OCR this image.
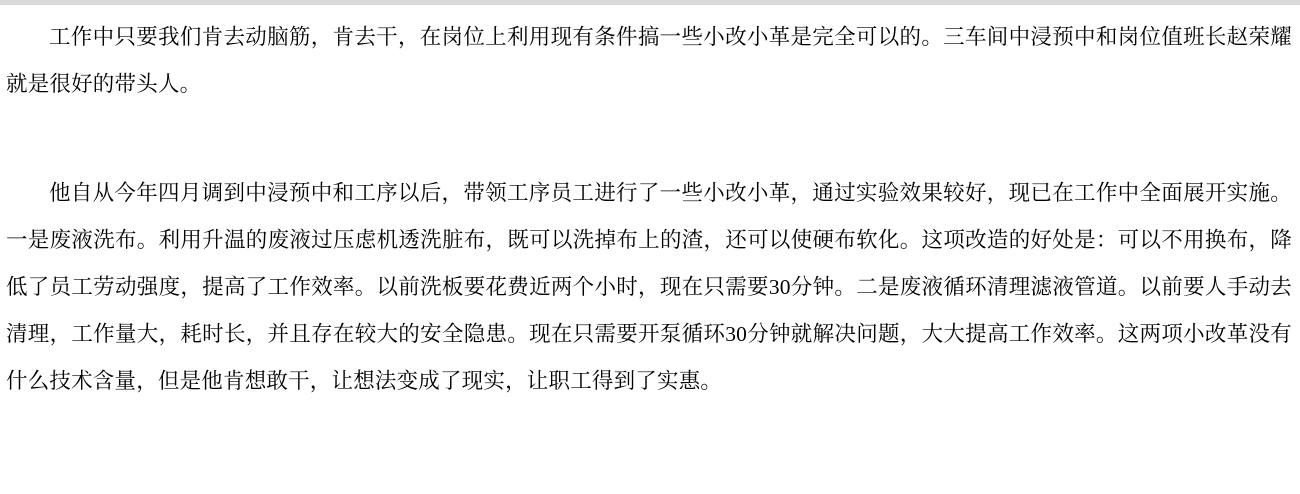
工作中只要我们肯去动脑筋，肯去干，在岗位上利用现有条件搞一些小改小革是完全可以的。三车间中浸预中和岗位值班长赵荣耀就是很好的带头人。

他自从今年四月调到中浸预中和工序以后，带领工序员工进行了一些小改小革，通过实验效果较好，现已在工作中全面展开实施。一是废液洗布。利用升温的废液过压虑机透洗脏布，既可以洗掉布上的渣，还可以使硬布软化。这项改造的好处是：可以不用换布，降低了员工劳动强度，提高了工作效率。以前洗板要花费近两个小时，现在只需要30分钟。二是废液循环清理滤液管道。以前要人手动去清理，工作量大，耗时长，并且存在较大的安全隐患。现在只需要开泵循环30分钟就解决问题，大大提高工作效率。这两项小改革没有什么技术含量，但是他肯想敢干，让想法变成了现实，让职工得到了实惠。
